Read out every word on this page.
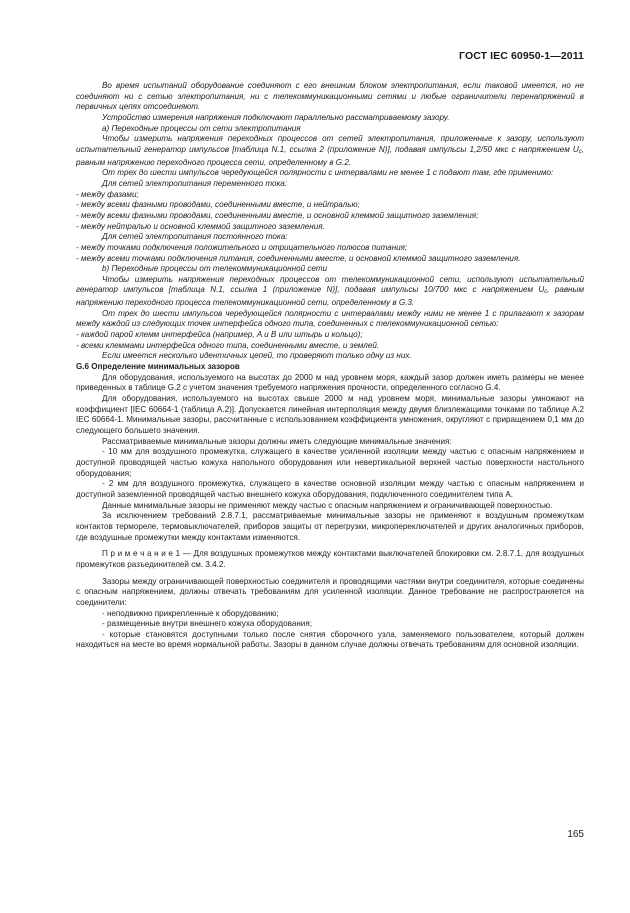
ГОСТ IEC 60950-1—2011

Во время испытаний оборудование соединяют с его внешним блоком электропитания, если таковой имеется, но не соединяют ни с сетью электропитания, ни с телекоммуникационными сетями и любые ограничители перенапряжений в первичных цепях отсоединяют.

Устройство измерения напряжения подключают параллельно рассматриваемому зазору.

а) Переходные процессы от сети электропитания

Чтобы измерить напряжения переходных процессов от сетей электропитания, приложенные к зазору, используют испытательный генератор импульсов [таблица N.1, ссылка 2 (приложение N)], подавая импульсы 1,2/50 мкс с напряжением Uc, равным напряжению переходного процесса сети, определенному в G.2.

От трех до шести импульсов чередующейся полярности с интервалами не менее 1 с подают там, где применимо:

Для сетей электропитания переменного тока:

- между фазами;

- между всеми фазными проводами, соединенными вместе, и нейтралью;

- между всеми фазными проводами, соединенными вместе, и основной клеммой защитного заземления;

- между нейтралью и основной клеммой защитного заземления.

Для сетей электропитания постоянного тока:

- между точками подключения положительного и отрицательного полюсов питания;

- между всеми точками подключения питания, соединенными вместе, и основной клеммой защитного заземления.

b) Переходные процессы от телекоммуникационной сети

Чтобы измерить напряжения переходных процессов от телекоммуникационной сети, используют испытательный генератор импульсов [таблица N.1, ссылка 1 (приложение N)], подавая импульсы 10/700 мкс с напряжением Uc, равным напряжению переходного процесса телекоммуникационной сети, определенному в G.3.

От трех до шести импульсов чередующейся полярности с интервалами между ними не менее 1 с прилагают к зазорам между каждой из следующих точек интерфейса одного типа, соединенных с телекоммуникационной сетью:

- каждой парой клемм интерфейса (например, A и B или штырь и кольцо);

- всеми клеммами интерфейса одного типа, соединенными вместе, и землей.

Если имеется несколько идентичных цепей, то проверяют только одну из них.

G.6 Определение минимальных зазоров

Для оборудования, используемого на высотах до 2000 м над уровнем моря, каждый зазор должен иметь размеры не менее приведенных в таблице G.2 с учетом значения требуемого напряжения прочности, определенного согласно G.4.

Для оборудования, используемого на высотах свыше 2000 м над уровнем моря, минимальные зазоры умножают на коэффициент [IEC 60664-1 (таблица A.2)]. Допускается линейная интерполяция между двумя близлежащими точками по таблице A.2 IEC 60664-1. Минимальные зазоры, рассчитанные с использованием коэффициента умножения, округляют с приращением 0,1 мм до следующего большего значения.

Рассматриваемые минимальные зазоры должны иметь следующие минимальные значения:

- 10 мм для воздушного промежутка, служащего в качестве усиленной изоляции между частью с опасным напряжением и доступной проводящей частью кожуха напольного оборудования или невертикальной верхней частью поверхности настольного оборудования;

- 2 мм для воздушного промежутка, служащего в качестве основной изоляции между частью с опасным напряжением и доступной заземленной проводящей частью внешнего кожуха оборудования, подключенного соединителем типа A.

Данные минимальные зазоры не применяют между частью с опасным напряжением и ограничивающей поверхностью.

За исключением требований 2.8.7.1, рассматриваемые минимальные зазоры не применяют к воздушным промежуткам контактов термореле, термовыключателей, приборов защиты от перегрузки, микропереключателей и других аналогичных приборов, где воздушные промежутки между контактами изменяются.

П р и м е ч а н и е 1 — Для воздушных промежутков между контактами выключателей блокировки см. 2.8.7.1, для воздушных промежутков разъединителей см. 3.4.2.

Зазоры между ограничивающей поверхностью соединителя и проводящими частями внутри соединителя, которые соединены с опасным напряжением, должны отвечать требованиям для усиленной изоляции. Данное требование не распространяется на соединители:

- неподвижно прикрепленные к оборудованию;

- размещенные внутри внешнего кожуха оборудования;

- которые становятся доступными только после снятия сборочного узла, заменяемого пользователем, который должен находиться на месте во время нормальной работы. Зазоры в данном случае должны отвечать требованиям для основной изоляции.

165
